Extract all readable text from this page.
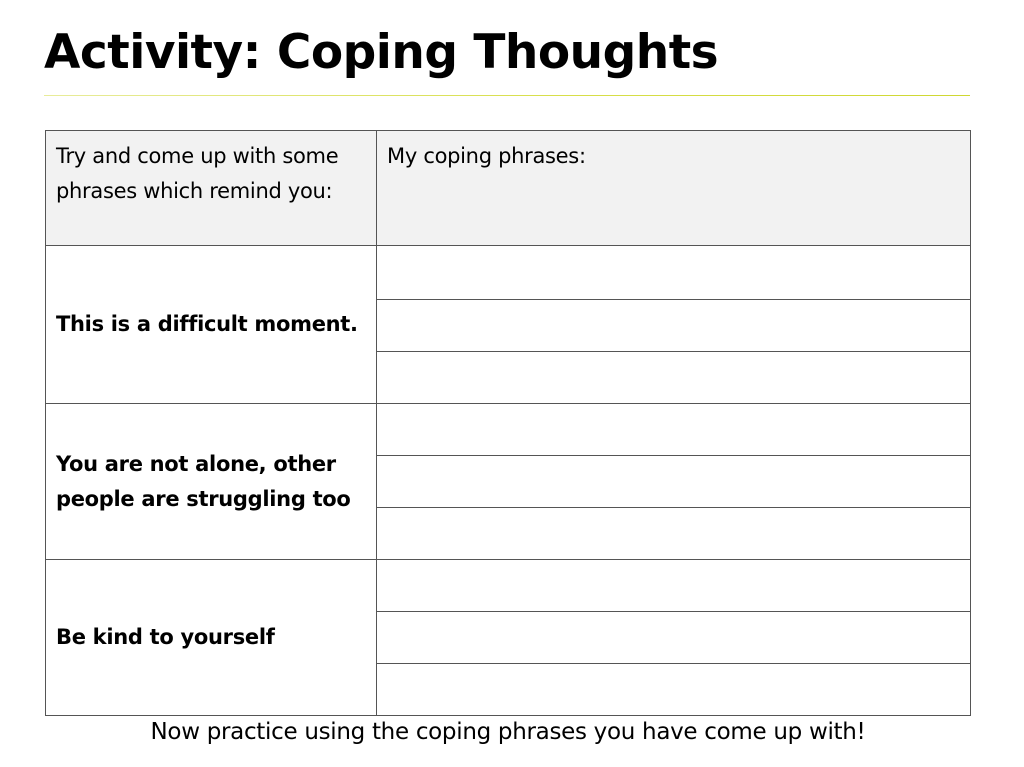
Activity: Coping Thoughts
Try and come up with some phrases which remind you:	My coping phrases:

This is a difficult moment.	

You are not alone, other people are struggling too	

Be kind to yourself	

Now practice using the coping phrases you have come up with!
